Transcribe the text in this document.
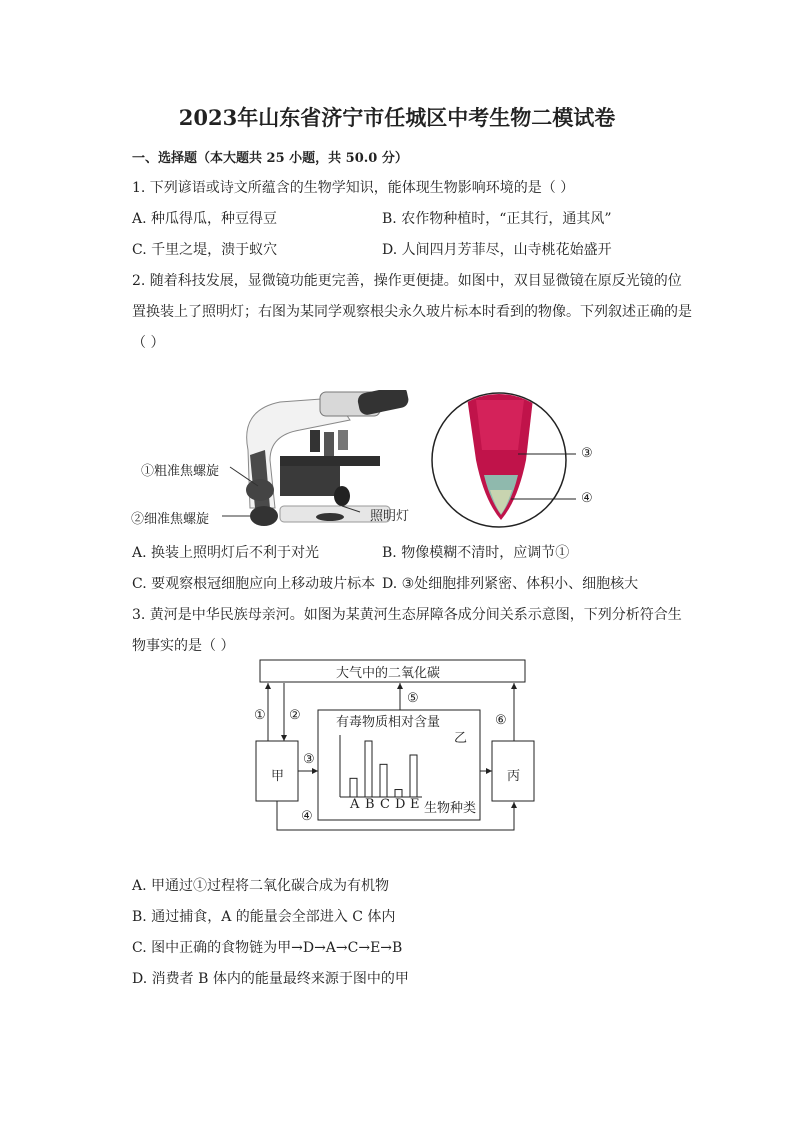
2023年山东省济宁市任城区中考生物二模试卷
一、选择题（本大题共 25 小题，共 50.0 分）
1. 下列谚语或诗文所蕴含的生物学知识，能体现生物影响环境的是（ ）
A. 种瓜得瓜，种豆得豆	B. 农作物种植时，“正其行，通其风”
C. 千里之堤，溃于蚁穴	D. 人间四月芳菲尽，山寺桃花始盛开
2. 随着科技发展，显微镜功能更完善，操作更便捷。如图中，双目显微镜在原反光镜的位
置换装上了照明灯；右图为某同学观察根尖永久玻片标本时看到的物像。下列叙述正确的是
（ ）
①粗准焦螺旋
②细准焦螺旋	照明灯
③
④
A. 换装上照明灯后不利于对光	B. 物像模糊不清时，应调节①
C. 要观察根冠细胞应向上移动玻片标本 D. ③处细胞排列紧密、体积小、细胞核大
3. 黄河是中华民族母亲河。如图为某黄河生态屏障各成分间关系示意图，下列分析符合生
物事实的是（ ）
大气中的二氧化碳
甲	丙
有毒物质相对含量
乙
生物种类
① ②
③
④
⑤
⑥
A B C D E
A. 甲通过①过程将二氧化碳合成为有机物
B. 通过捕食，A 的能量会全部进入 C 体内
C. 图中正确的食物链为甲→D→A→C→E→B
D. 消费者 B 体内的能量最终来源于图中的甲
